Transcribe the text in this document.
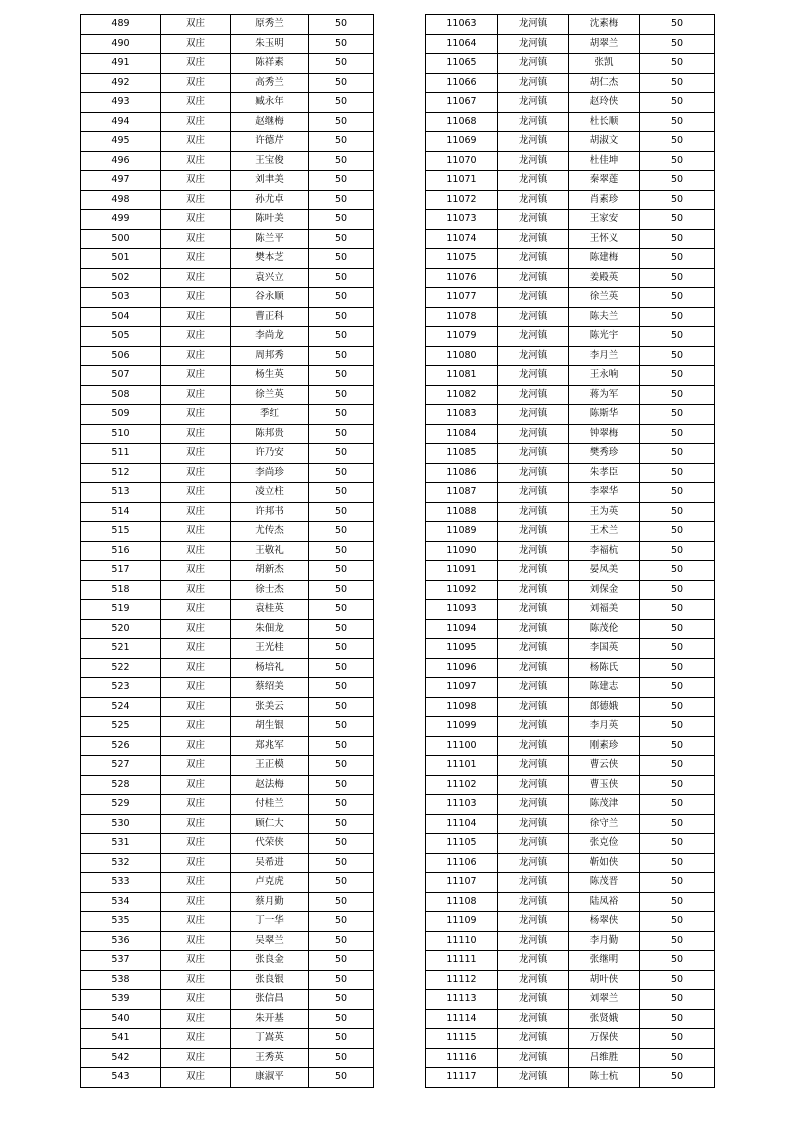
489	双庄	原秀兰	50
490	双庄	朱玉明	50
491	双庄	陈祥素	50
492	双庄	高秀兰	50
493	双庄	臧永年	50
494	双庄	赵继梅	50
495	双庄	许德芹	50
496	双庄	王宝俊	50
497	双庄	刘聿美	50
498	双庄	孙尤卓	50
499	双庄	陈叶美	50
500	双庄	陈兰平	50
501	双庄	樊本芝	50
502	双庄	袁兴立	50
503	双庄	谷永顺	50
504	双庄	曹正科	50
505	双庄	李尚龙	50
506	双庄	周邦秀	50
507	双庄	杨生英	50
508	双庄	徐兰英	50
509	双庄	季红	50
510	双庄	陈邦贵	50
511	双庄	许乃安	50
512	双庄	李尚珍	50
513	双庄	凌立柱	50
514	双庄	许邦书	50
515	双庄	尤传杰	50
516	双庄	王敬礼	50
517	双庄	胡新杰	50
518	双庄	徐士杰	50
519	双庄	袁桂英	50
520	双庄	朱佃龙	50
521	双庄	王光桂	50
522	双庄	杨培礼	50
523	双庄	蔡绍美	50
524	双庄	张美云	50
525	双庄	胡生银	50
526	双庄	郑兆军	50
527	双庄	王正模	50
528	双庄	赵法梅	50
529	双庄	付桂兰	50
530	双庄	顾仁大	50
531	双庄	代荣侠	50
532	双庄	吴希进	50
533	双庄	卢克虎	50
534	双庄	蔡月勤	50
535	双庄	丁一华	50
536	双庄	吴翠兰	50
537	双庄	张良金	50
538	双庄	张良银	50
539	双庄	张信昌	50
540	双庄	朱开基	50
541	双庄	丁嵩英	50
542	双庄	王秀英	50
543	双庄	康淑平	50
11063	龙河镇	沈素梅	50
11064	龙河镇	胡翠兰	50
11065	龙河镇	张凯	50
11066	龙河镇	胡仁杰	50
11067	龙河镇	赵玲侠	50
11068	龙河镇	杜长顺	50
11069	龙河镇	胡淑文	50
11070	龙河镇	杜佳坤	50
11071	龙河镇	秦翠莲	50
11072	龙河镇	肖素珍	50
11073	龙河镇	王家安	50
11074	龙河镇	王怀义	50
11075	龙河镇	陈建梅	50
11076	龙河镇	姜殿英	50
11077	龙河镇	徐兰英	50
11078	龙河镇	陈夫兰	50
11079	龙河镇	陈光宇	50
11080	龙河镇	李月兰	50
11081	龙河镇	王永响	50
11082	龙河镇	蒋为军	50
11083	龙河镇	陈斯华	50
11084	龙河镇	钟翠梅	50
11085	龙河镇	樊秀珍	50
11086	龙河镇	朱孝臣	50
11087	龙河镇	李翠华	50
11088	龙河镇	王为英	50
11089	龙河镇	王术兰	50
11090	龙河镇	李福杭	50
11091	龙河镇	晏凤美	50
11092	龙河镇	刘保金	50
11093	龙河镇	刘福美	50
11094	龙河镇	陈茂伦	50
11095	龙河镇	李国英	50
11096	龙河镇	杨陈氏	50
11097	龙河镇	陈建志	50
11098	龙河镇	郎德娥	50
11099	龙河镇	李月英	50
11100	龙河镇	刚素珍	50
11101	龙河镇	曹云侠	50
11102	龙河镇	曹玉侠	50
11103	龙河镇	陈茂津	50
11104	龙河镇	徐守兰	50
11105	龙河镇	张克俭	50
11106	龙河镇	靳如侠	50
11107	龙河镇	陈茂晋	50
11108	龙河镇	陆凤裕	50
11109	龙河镇	杨翠侠	50
11110	龙河镇	李月勤	50
11111	龙河镇	张继明	50
11112	龙河镇	胡叶侠	50
11113	龙河镇	刘翠兰	50
11114	龙河镇	张贤娥	50
11115	龙河镇	万保侠	50
11116	龙河镇	吕维胜	50
11117	龙河镇	陈士杭	50
